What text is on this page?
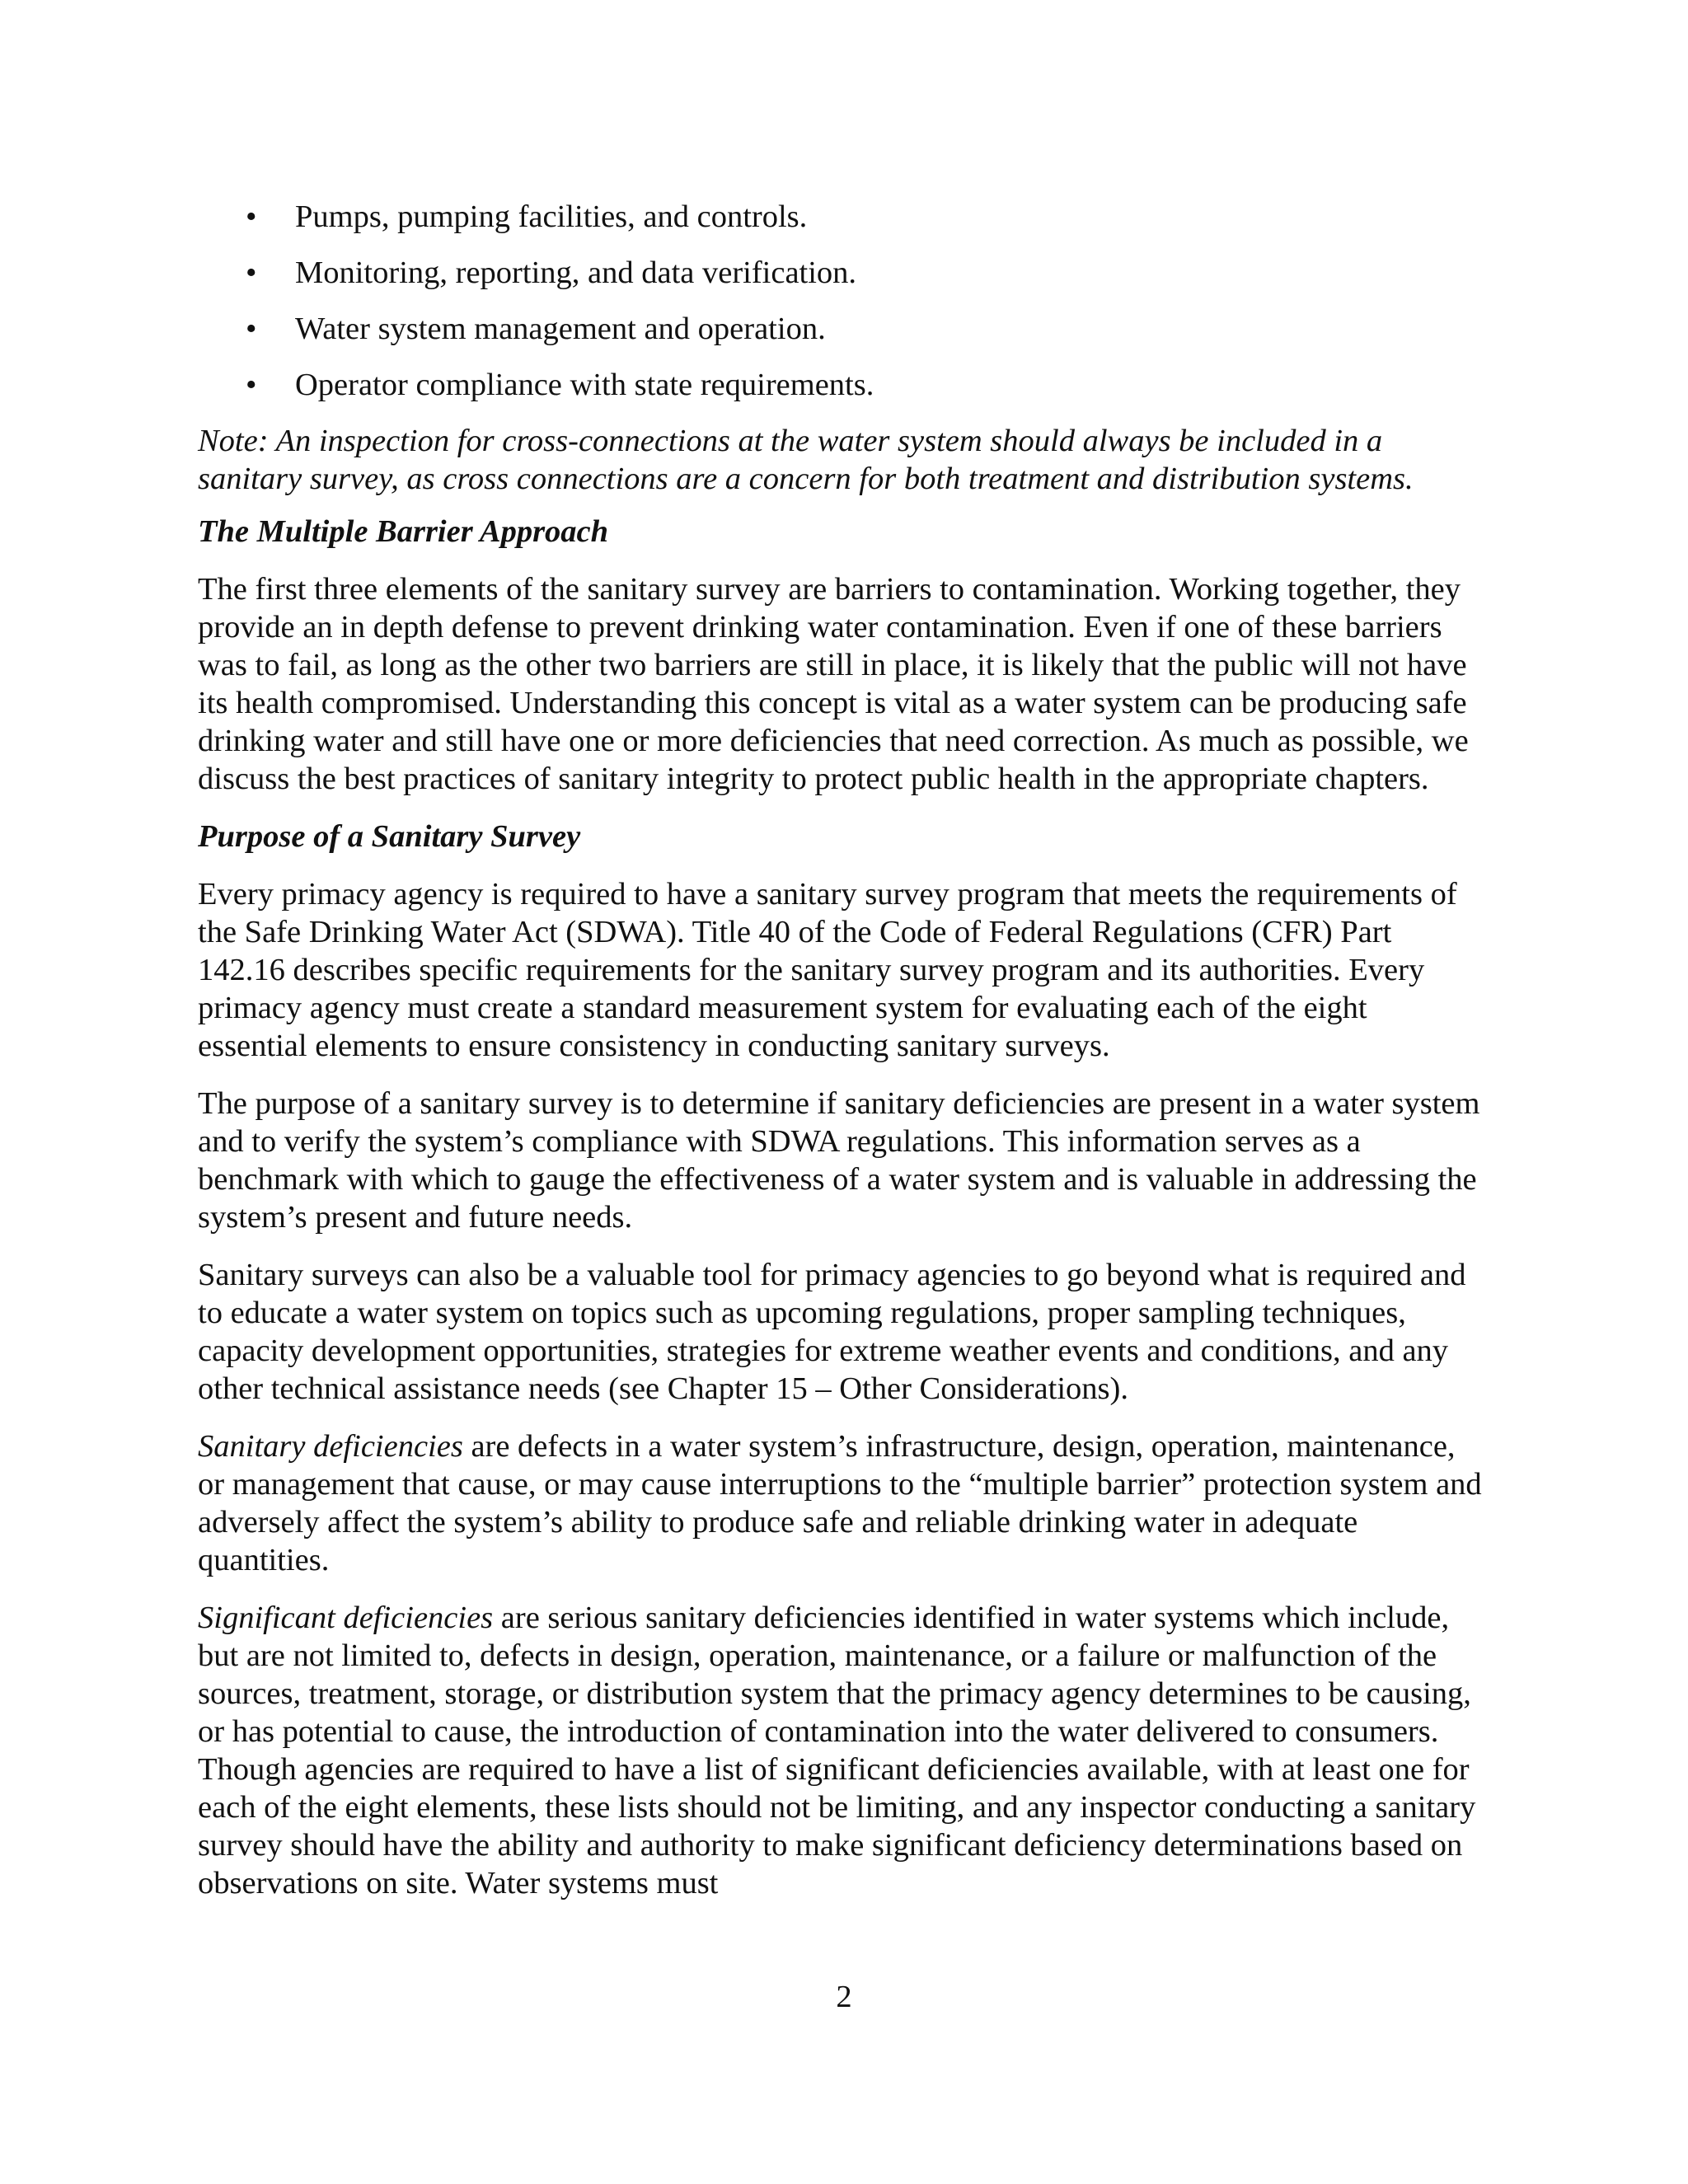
• Pumps, pumping facilities, and controls.
• Monitoring, reporting, and data verification.
• Water system management and operation.
• Operator compliance with state requirements.

Note: An inspection for cross-connections at the water system should always be included in a sanitary survey, as cross connections are a concern for both treatment and distribution systems.

The Multiple Barrier Approach

The first three elements of the sanitary survey are barriers to contamination. Working together, they provide an in depth defense to prevent drinking water contamination. Even if one of these barriers was to fail, as long as the other two barriers are still in place, it is likely that the public will not have its health compromised. Understanding this concept is vital as a water system can be producing safe drinking water and still have one or more deficiencies that need correction. As much as possible, we discuss the best practices of sanitary integrity to protect public health in the appropriate chapters.

Purpose of a Sanitary Survey

Every primacy agency is required to have a sanitary survey program that meets the requirements of the Safe Drinking Water Act (SDWA). Title 40 of the Code of Federal Regulations (CFR) Part 142.16 describes specific requirements for the sanitary survey program and its authorities. Every primacy agency must create a standard measurement system for evaluating each of the eight essential elements to ensure consistency in conducting sanitary surveys.

The purpose of a sanitary survey is to determine if sanitary deficiencies are present in a water system and to verify the system’s compliance with SDWA regulations. This information serves as a benchmark with which to gauge the effectiveness of a water system and is valuable in addressing the system’s present and future needs.

Sanitary surveys can also be a valuable tool for primacy agencies to go beyond what is required and to educate a water system on topics such as upcoming regulations, proper sampling techniques, capacity development opportunities, strategies for extreme weather events and conditions, and any other technical assistance needs (see Chapter 15 – Other Considerations).

Sanitary deficiencies are defects in a water system’s infrastructure, design, operation, maintenance, or management that cause, or may cause interruptions to the “multiple barrier” protection system and adversely affect the system’s ability to produce safe and reliable drinking water in adequate quantities.

Significant deficiencies are serious sanitary deficiencies identified in water systems which include, but are not limited to, defects in design, operation, maintenance, or a failure or malfunction of the sources, treatment, storage, or distribution system that the primacy agency determines to be causing, or has potential to cause, the introduction of contamination into the water delivered to consumers. Though agencies are required to have a list of significant deficiencies available, with at least one for each of the eight elements, these lists should not be limiting, and any inspector conducting a sanitary survey should have the ability and authority to make significant deficiency determinations based on observations on site. Water systems must

2
